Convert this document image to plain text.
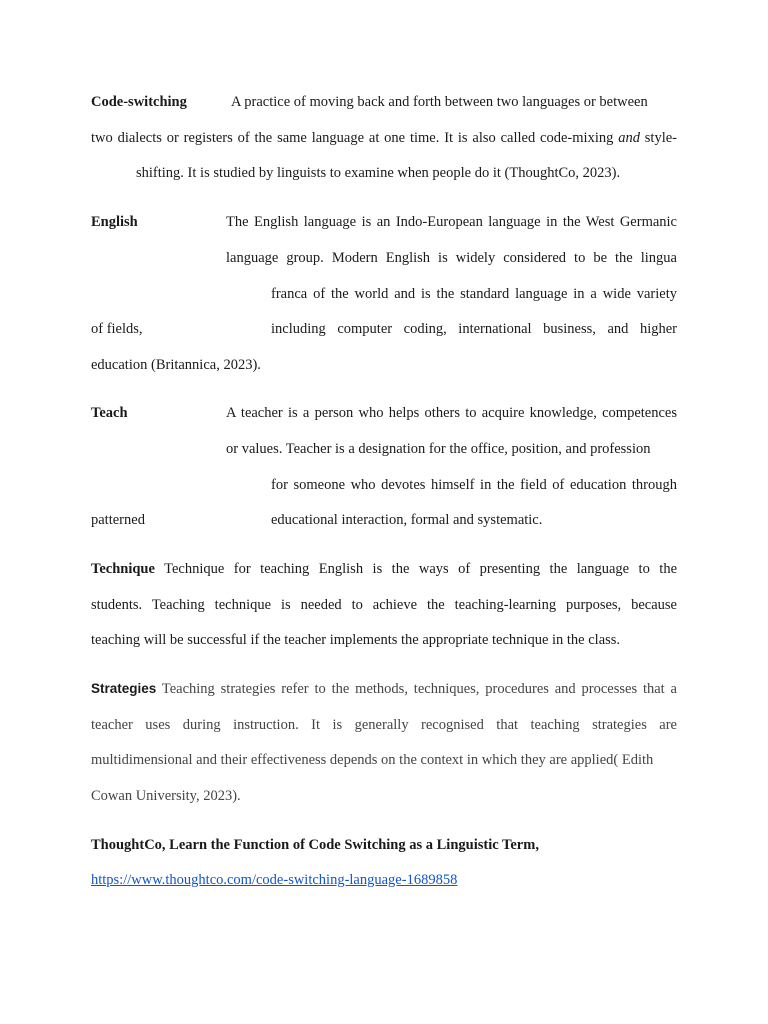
Code-switching	A practice of moving back and forth between two languages or between
two dialects or registers of the same language at one time. It is also called code-mixing and style-
shifting. It is studied by linguists to examine when people do it (ThoughtCo, 2023).
English	The English language is an Indo-European language in the West Germanic
language group. Modern English is widely considered to be the lingua
franca of the world and is the standard language in a wide variety
of fields,	including computer coding, international business, and higher
education (Britannica, 2023).
Teach	A teacher is a person who helps others to acquire knowledge, competences
or values. Teacher is a designation for the office, position, and profession
for someone who devotes himself in the field of education through
patterned	educational interaction, formal and systematic.
Technique Technique for teaching English is the ways of presenting the language to the
students. Teaching technique is needed to achieve the teaching-learning purposes, because
teaching will be successful if the teacher implements the appropriate technique in the class.
Strategies Teaching strategies refer to the methods, techniques, procedures and processes that a
teacher uses during instruction. It is generally recognised that teaching strategies are
multidimensional and their effectiveness depends on the context in which they are applied( Edith
Cowan University, 2023).
ThoughtCo, Learn the Function of Code Switching as a Linguistic Term,
https://www.thoughtco.com/code-switching-language-1689858
